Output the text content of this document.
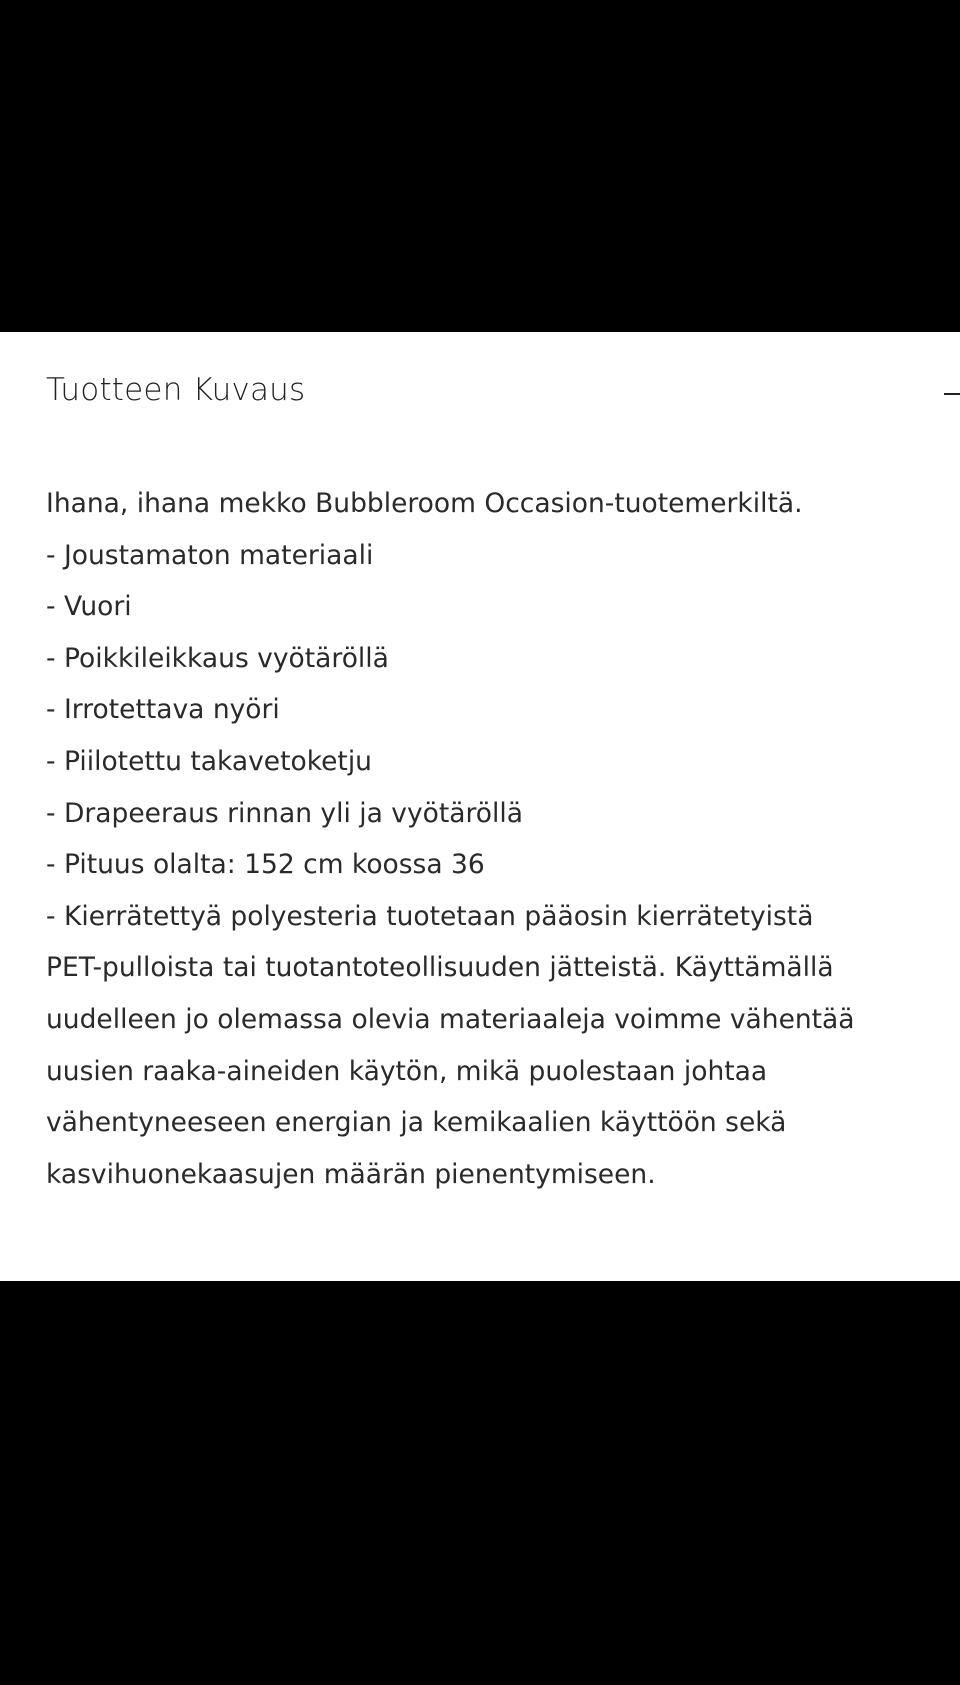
Tuotteen Kuvaus
Ihana, ihana mekko Bubbleroom Occasion-tuotemerkiltä.
- Joustamaton materiaali
- Vuori
- Poikkileikkaus vyötäröllä
- Irrotettava nyöri
- Piilotettu takavetoketju
- Drapeeraus rinnan yli ja vyötäröllä
- Pituus olalta: 152 cm koossa 36
- Kierrätettyä polyesteria tuotetaan pääosin kierrätetyistä
PET-pulloista tai tuotantoteollisuuden jätteistä. Käyttämällä
uudelleen jo olemassa olevia materiaaleja voimme vähentää
uusien raaka-aineiden käytön, mikä puolestaan johtaa
vähentyneeseen energian ja kemikaalien käyttöön sekä
kasvihuonekaasujen määrän pienentymiseen.
